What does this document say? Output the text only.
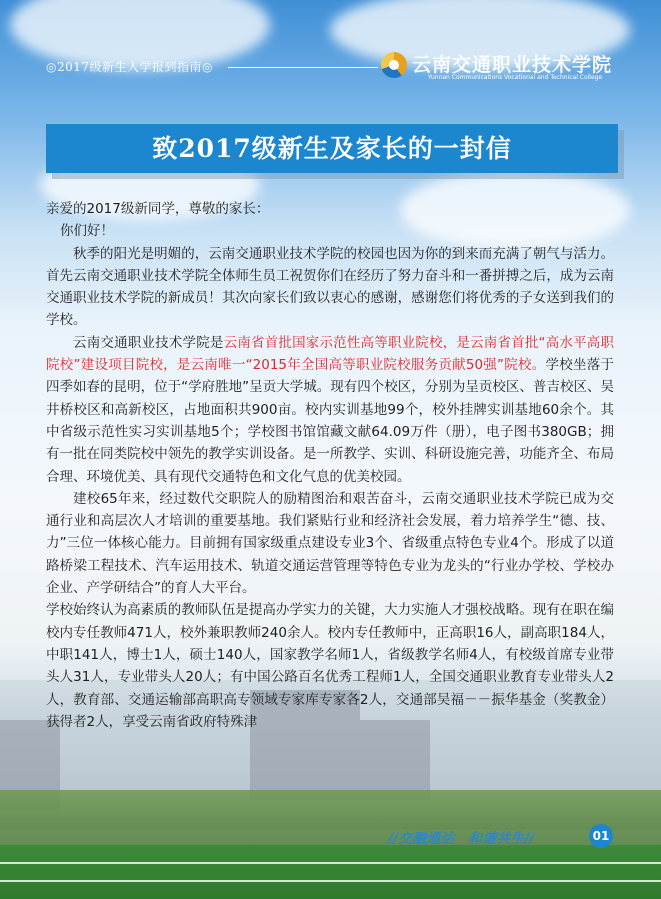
◎2017级新生入学报到指南◎	云南交通职业技术学院
Yunnan Communications Vocational and Technical College
致2017级新生及家长的一封信

亲爱的2017级新同学，尊敬的家长：

你们好！

秋季的阳光是明媚的，云南交通职业技术学院的校园也因为你的到来而充满了朝气与活力。首先云南交通职业技术学院全体师生员工祝贺你们在经历了努力奋斗和一番拼搏之后，成为云南交通职业技术学院的新成员！其次向家长们致以衷心的感谢，感谢您们将优秀的子女送到我们的学校。

云南交通职业技术学院是云南省首批国家示范性高等职业院校，是云南省首批“高水平高职院校”建设项目院校，是云南唯一“2015年全国高等职业院校服务贡献50强”院校。学校坐落于四季如春的昆明，位于“学府胜地”呈贡大学城。现有四个校区，分别为呈贡校区、普吉校区、吴井桥校区和高新校区，占地面积共900亩。校内实训基地99个，校外挂牌实训基地60余个。其中省级示范性实习实训基地5个；学校图书馆馆藏文献64.09万件（册），电子图书380GB；拥有一批在同类院校中领先的教学实训设备。是一所教学、实训、科研设施完善，功能齐全、布局合理、环境优美、具有现代交通特色和文化气息的优美校园。

建校65年来，经过数代交职院人的励精图治和艰苦奋斗，云南交通职业技术学院已成为交通行业和高层次人才培训的重要基地。我们紧贴行业和经济社会发展，着力培养学生“德、技、力”三位一体核心能力。目前拥有国家级重点建设专业3个、省级重点特色专业4个。形成了以道路桥梁工程技术、汽车运用技术、轨道交通运营管理等特色专业为龙头的“行业办学校、学校办企业、产学研结合”的育人大平台。

学校始终认为高素质的教师队伍是提高办学实力的关键，大力实施人才强校战略。现有在职在编校内专任教师471人，校外兼职教师240余人。校内专任教师中，正高职16人，副高职184人，中职141人，博士1人，硕士140人，国家教学名师1人，省级教学名师4人，有校级首席专业带头人31人，专业带头人20人；有中国公路百名优秀工程师1人，全国交通职业教育专业带头人2人，教育部、交通运输部高职高专领域专家库专家各2人，交通部吴福－－振华基金（奖教金）获得者2人，享受云南省政府特殊津

//交融通达　和谐共生//	01
